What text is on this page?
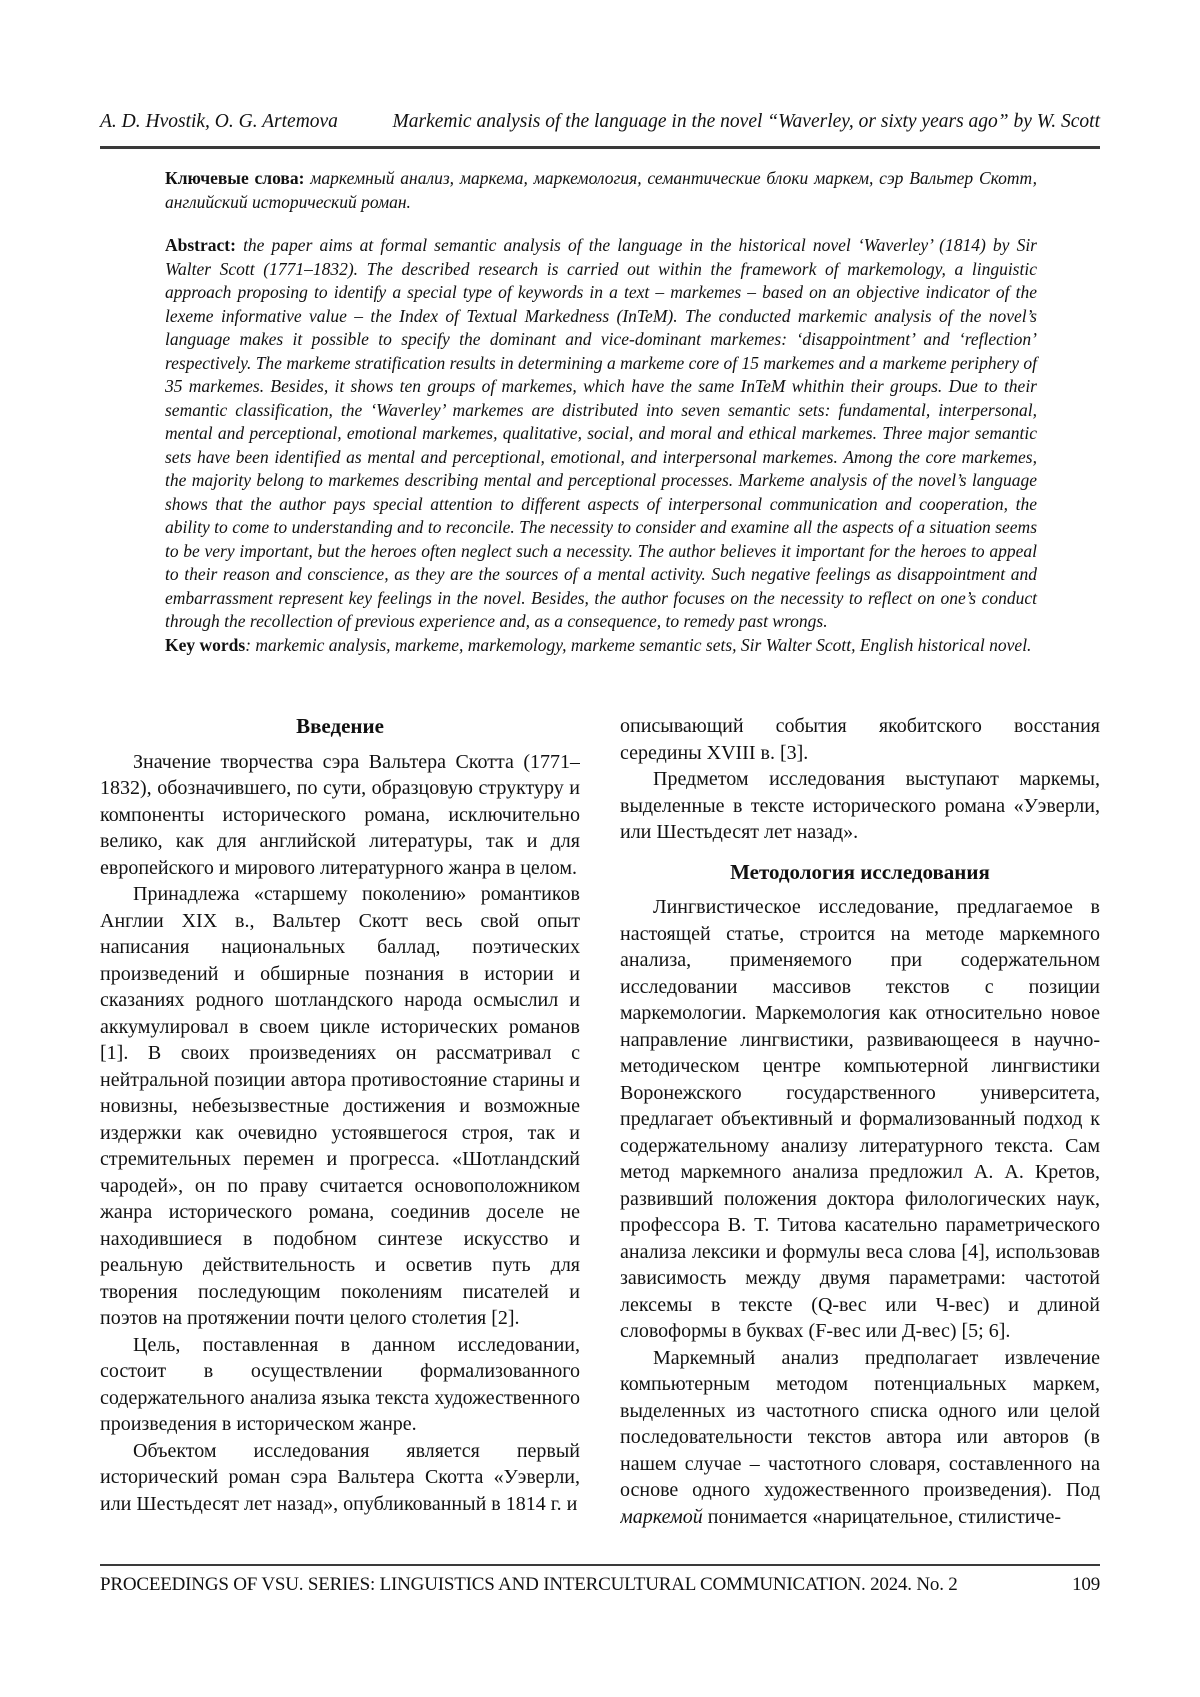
A. D. Hvostik, O. G. Artemova	Markemic analysis of the language in the novel “Waverley, or sixty years ago” by W. Scott

Ключевые слова: маркемный анализ, маркема, маркемология, семантические блоки маркем, сэр Вальтер Скотт, английский исторический роман.

Abstract: the paper aims at formal semantic analysis of the language in the historical novel ‘Waverley’ (1814) by Sir Walter Scott (1771–1832). The described research is carried out within the framework of markemology, a linguistic approach proposing to identify a special type of keywords in a text – markemes – based on an objective indicator of the lexeme informative value – the Index of Textual Markedness (InTeM). The conducted markemic analysis of the novel’s language makes it possible to specify the dominant and vice-dominant markemes: ‘disappointment’ and ‘reflection’ respectively. The markeme stratification results in determining a markeme core of 15 markemes and a markeme periphery of 35 markemes. Besides, it shows ten groups of markemes, which have the same InTeM whithin their groups. Due to their semantic classification, the ‘Waverley’ markemes are distributed into seven semantic sets: fundamental, interpersonal, mental and perceptional, emotional markemes, qualitative, social, and moral and ethical markemes. Three major semantic sets have been identified as mental and perceptional, emotional, and interpersonal markemes. Among the core markemes, the majority belong to markemes describing mental and perceptional processes. Markeme analysis of the novel’s language shows that the author pays special attention to different aspects of interpersonal communication and cooperation, the ability to come to understanding and to reconcile. The necessity to consider and examine all the aspects of a situation seems to be very important, but the heroes often neglect such a necessity. The author believes it important for the heroes to appeal to their reason and conscience, as they are the sources of a mental activity. Such negative feelings as disappointment and embarrassment represent key feelings in the novel. Besides, the author focuses on the necessity to reflect on one’s conduct through the recollection of previous experience and, as a consequence, to remedy past wrongs.

Key words: markemic analysis, markeme, markemology, markeme semantic sets, Sir Walter Scott, English historical novel.

Введение

Значение творчества сэра Вальтера Скотта (1771–1832), обозначившего, по сути, образцовую структуру и компоненты исторического романа, исключительно велико, как для английской литературы, так и для европейского и мирового литературного жанра в целом.

Принадлежа «старшему поколению» романтиков Англии XIX в., Вальтер Скотт весь свой опыт написания национальных баллад, поэтических произведений и обширные познания в истории и сказаниях родного шотландского народа осмыслил и аккумулировал в своем цикле исторических романов [1]. В своих произведениях он рассматривал с нейтральной позиции автора противостояние старины и новизны, небезызвестные достижения и возможные издержки как очевидно устоявшегося строя, так и стремительных перемен и прогресса. «Шотландский чародей», он по праву считается основоположником жанра исторического романа, соединив доселе не находившиеся в подобном синтезе искусство и реальную действительность и осветив путь для творения последующим поколениям писателей и поэтов на протяжении почти целого столетия [2].

Цель, поставленная в данном исследовании, состоит в осуществлении формализованного содержательного анализа языка текста художественного произведения в историческом жанре.

Объектом исследования является первый исторический роман сэра Вальтера Скотта «Уэверли, или Шестьдесят лет назад», опубликованный в 1814 г. и

описывающий события якобитского восстания середины XVIII в. [3].

Предметом исследования выступают маркемы, выделенные в тексте исторического романа «Уэверли, или Шестьдесят лет назад».

Методология исследования

Лингвистическое исследование, предлагаемое в настоящей статье, строится на методе маркемного анализа, применяемого при содержательном исследовании массивов текстов с позиции маркемологии. Маркемология как относительно новое направление лингвистики, развивающееся в научно-методическом центре компьютерной лингвистики Воронежского государственного университета, предлагает объективный и формализованный подход к содержательному анализу литературного текста. Сам метод маркемного анализа предложил А. А. Кретов, развивший положения доктора филологических наук, профессора В. Т. Титова касательно параметрического анализа лексики и формулы веса слова [4], использовав зависимость между двумя параметрами: частотой лексемы в тексте (Q-вес или Ч-вес) и длиной словоформы в буквах (F-вес или Д-вес) [5; 6].

Маркемный анализ предполагает извлечение компьютерным методом потенциальных маркем, выделенных из частотного списка одного или целой последовательности текстов автора или авторов (в нашем случае – частотного словаря, составленного на основе одного художественного произведения). Под маркемой понимается «нарицательное, стилистиче-

PROCEEDINGS OF VSU. SERIES: LINGUISTICS AND INTERCULTURAL COMMUNICATION. 2024. No. 2	109
